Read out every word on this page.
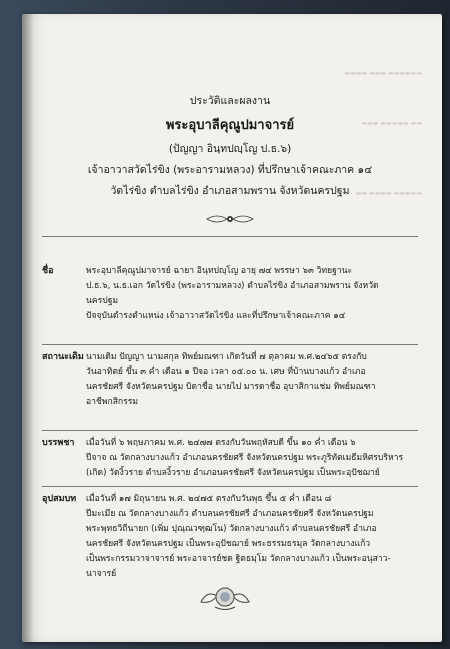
▬▬▬▬ ▬▬▬ ▬▬▬▬▬▬
▬▬▬ ▬▬▬▬▬ ▬▬
▬▬ ▬▬▬▬ ▬▬▬▬▬
ประวัติและผลงาน
พระอุบาลีคุณูปมาจารย์
(ปัญญา อินฺทปญฺโญ ป.ธ.๖)
เจ้าอาวาสวัดไร่ขิง (พระอารามหลวง) ที่ปรึกษาเจ้าคณะภาค ๑๔
วัดไร่ขิง ตำบลไร่ขิง อำเภอสามพราน จังหวัดนครปฐม
ชื่อ	พระอุบาลีคุณูปมาจารย์ ฉายา อินฺทปญฺโญ อายุ ๗๔ พรรษา ๖๓ วิทยฐานะ

ป.ธ.๖, น.ธ.เอก วัดไร่ขิง (พระอารามหลวง) ตำบลไร่ขิง อำเภอสามพราน จังหวัด

นครปฐม

ปัจจุบันดำรงตำแหน่ง เจ้าอาวาสวัดไร่ขิง และที่ปรึกษาเจ้าคณะภาค ๑๔

สถานะเดิม นามเดิม ปัญญา นามสกุล ทิพย์มณฑา เกิดวันที่ ๗ ตุลาคม พ.ศ.๒๔๖๕ ตรงกับ

วันอาทิตย์ ขึ้น ๓ ค่ำ เดือน ๑ ปีจอ เวลา ๐๕.๐๐ น. เศษ ที่บ้านบางแก้ว อำเภอ

นครชัยศรี จังหวัดนครปฐม บิดาชื่อ นายไป มารดาชื่อ อุบาสิกาแช่ม ทิพย์มณฑา

อาชีพกสิกรรม

บรรพชา เมื่อวันที่ ๖ พฤษภาคม พ.ศ. ๒๔๗๗ ตรงกับวันพฤหัสบดี ขึ้น ๑๐ ค่ำ เดือน ๖

ปีจาจ ณ วัดกลางบางแก้ว อำเภอนครชัยศรี จังหวัดนครปฐม พระภูริทัตเมธีมหิศรบริหาร

(เกิด) วัดงิ้วราย ตำบลงิ้วราย อำเภอนครชัยศรี จังหวัดนครปฐม เป็นพระอุปัชฌาย์

อุปสมบท เมื่อวันที่ ๑๗ มิถุนายน พ.ศ. ๒๔๗๕ ตรงกับวันพุธ ขึ้น ๕ ค่ำ เดือน ๘

ปีมะเมีย ณ วัดกลางบางแก้ว ตำบลนครชัยศรี อำเภอนครชัยศรี จังหวัดนครปฐม

พระพุทธวิถีนายก (เพิ่ม ปุณฺณวฑฺฒโน) วัดกลางบางแก้ว ตำบลนครชัยศรี อำเภอ

นครชัยศรี จังหวัดนครปฐม เป็นพระอุปัชฌาย์ พระธรรมธรมุล วัดกลางบางแก้ว

เป็นพระกรรมวาจาจารย์ พระอาจารย์ชด ฐิตธมฺโม วัดกลางบางแก้ว เป็นพระอนุสาว-

นาจารย์
